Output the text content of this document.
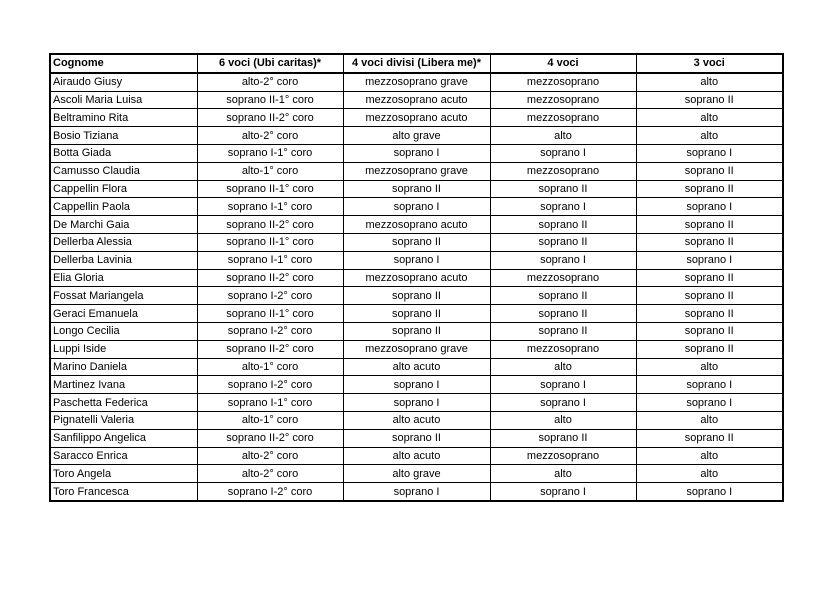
Cognome	6 voci (Ubi caritas)*	4 voci divisi (Libera me)*	4 voci	3 voci
Airaudo Giusy	alto-2° coro	mezzosoprano grave	mezzosoprano	alto
Ascoli Maria Luisa	soprano II-1° coro	mezzosoprano acuto	mezzosoprano	soprano II
Beltramino Rita	soprano II-2° coro	mezzosoprano acuto	mezzosoprano	alto
Bosio Tiziana	alto-2° coro	alto grave	alto	alto
Botta Giada	soprano I-1° coro	soprano I	soprano I	soprano I
Camusso Claudia	alto-1° coro	mezzosoprano grave	mezzosoprano	soprano II
Cappellin Flora	soprano II-1° coro	soprano II	soprano II	soprano II
Cappellin Paola	soprano I-1° coro	soprano I	soprano I	soprano I
De Marchi Gaia	soprano II-2° coro	mezzosoprano acuto	soprano II	soprano II
Dellerba Alessia	soprano II-1° coro	soprano II	soprano II	soprano II
Dellerba Lavinia	soprano I-1° coro	soprano I	soprano I	soprano I
Elia Gloria	soprano II-2° coro	mezzosoprano acuto	mezzosoprano	soprano II
Fossat Mariangela	soprano I-2° coro	soprano II	soprano II	soprano II
Geraci Emanuela	soprano II-1° coro	soprano II	soprano II	soprano II
Longo Cecilia	soprano I-2° coro	soprano II	soprano II	soprano II
Luppi Iside	soprano II-2° coro	mezzosoprano grave	mezzosoprano	soprano II
Marino Daniela	alto-1° coro	alto acuto	alto	alto
Martinez Ivana	soprano I-2° coro	soprano I	soprano I	soprano I
Paschetta Federica	soprano I-1° coro	soprano I	soprano I	soprano I
Pignatelli Valeria	alto-1° coro	alto acuto	alto	alto
Sanfilippo Angelica	soprano II-2° coro	soprano II	soprano II	soprano II
Saracco Enrica	alto-2° coro	alto acuto	mezzosoprano	alto
Toro Angela	alto-2° coro	alto grave	alto	alto
Toro Francesca	soprano I-2° coro	soprano I	soprano I	soprano I
